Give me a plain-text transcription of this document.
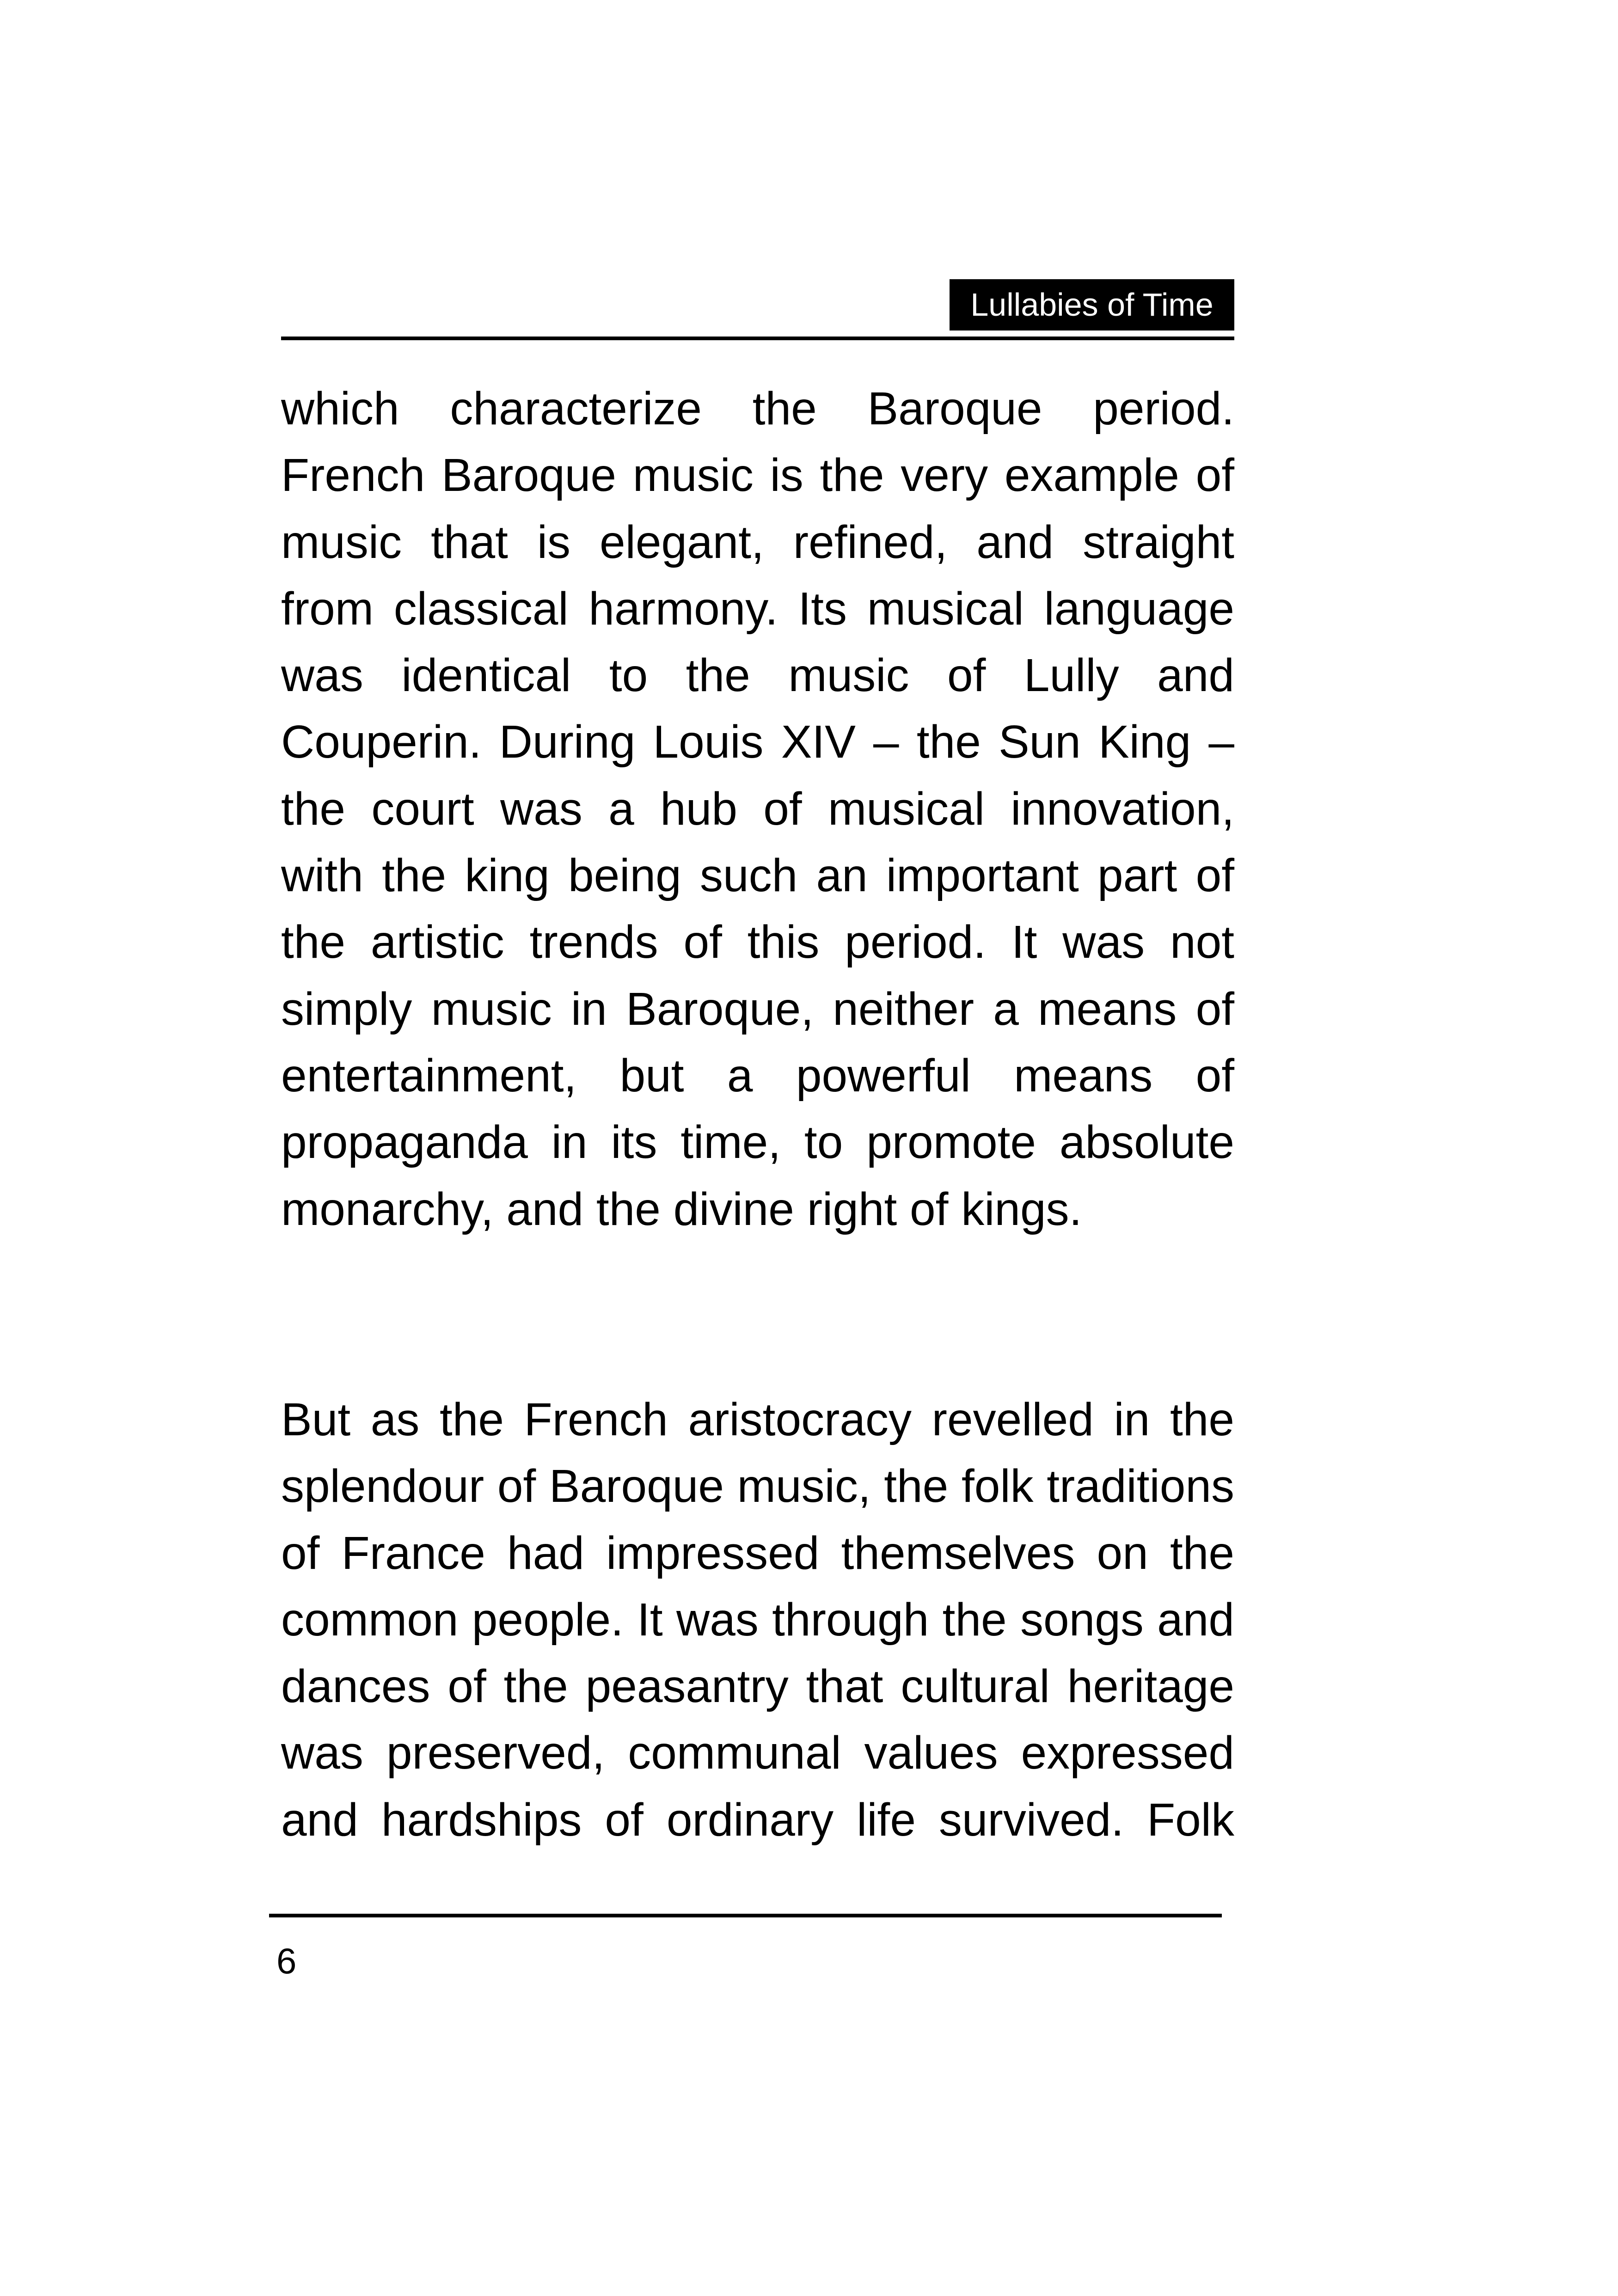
Lullabies of Time

which characterize the Baroque period. French Baroque music is the very example of music that is elegant, refined, and straight from classical harmony. Its musical language was identical to the music of Lully and Couperin. During Louis XIV – the Sun King – the court was a hub of musical innovation, with the king being such an important part of the artistic trends of this period. It was not simply music in Baroque, neither a means of entertainment, but a powerful means of propaganda in its time, to promote absolute monarchy, and the divine right of kings.

But as the French aristocracy revelled in the splendour of Baroque music, the folk traditions of France had impressed themselves on the common people. It was through the songs and dances of the peasantry that cultural heritage was preserved, communal values expressed and hardships of ordinary life survived. Folk

6
